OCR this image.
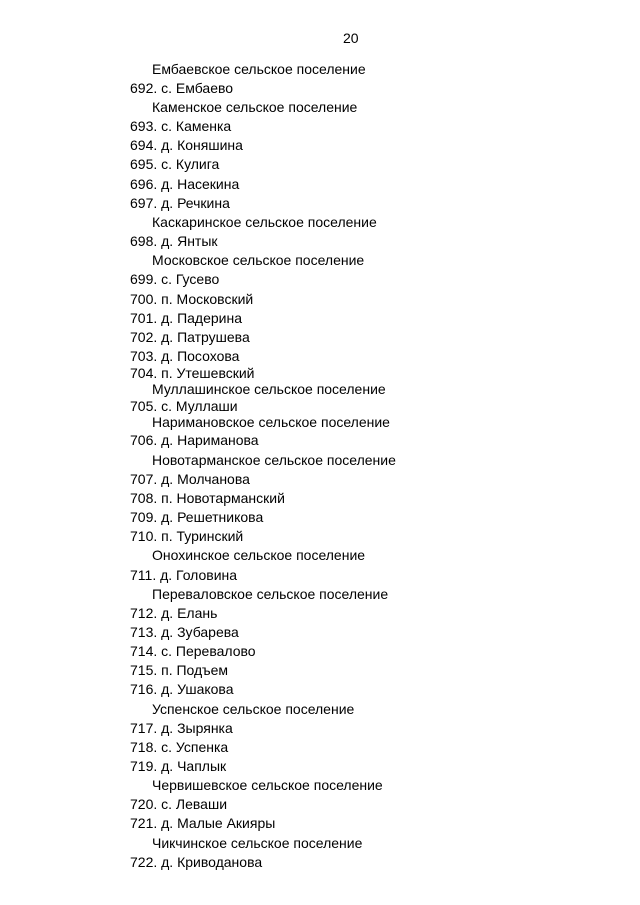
20
Ембаевское сельское поселение
692. с. Ембаево
Каменское сельское поселение
693. с. Каменка
694. д. Коняшина
695. с. Кулига
696. д. Насекина
697. д. Речкина
Каскаринское сельское поселение
698. д. Янтык
Московское сельское поселение
699. с. Гусево
700. п. Московский
701. д. Падерина
702. д. Патрушева
703. д. Посохова
704. п. Утешевский
Муллашинское сельское поселение
705. с. Муллаши
Наримановское сельское поселение
706. д. Нариманова
Новотарманское сельское поселение
707. д. Молчанова
708. п. Новотарманский
709. д. Решетникова
710. п. Туринский
Онохинское сельское поселение
711. д. Головина
Переваловское сельское поселение
712. д. Елань
713. д. Зубарева
714. с. Перевалово
715. п. Подъем
716. д. Ушакова
Успенское сельское поселение
717. д. Зырянка
718. с. Успенка
719. д. Чаплык
Червишевское сельское поселение
720. с. Леваши
721. д. Малые Акияры
Чикчинское сельское поселение
722. д. Криводанова
